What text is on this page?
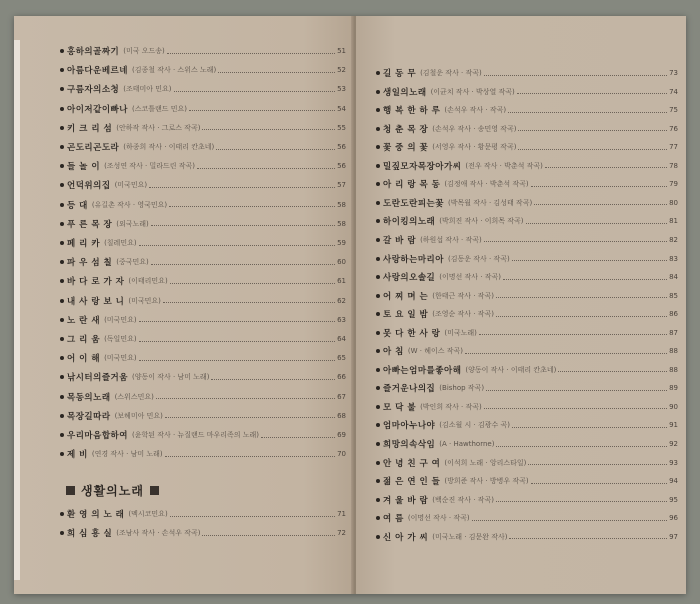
홍하의골짜기 (미국 오드송)	51
아름다운베르네 (김종철 작사 · 스위스 노래)	52
구름자의소청 (조태미아 민요)	53
아이저같이빠나 (스코틀랜드 민요)	54
키 크 리 섬 (안하작 작사 · 그로스 작곡)	55
곤도리곤도라 (하종희 작사 · 이태리 칸초네)	56
들 놀 이 (조성연 작사 · 밀라드린 작곡)	56
언덕위의집 (미국민요)	57
등 대 (유길촌 작사 · 영국민요)	58
푸 른 목 장 (외국노래)	58
페 리 카 (칠레민요)	59
파 우 섬 칠 (중국민요)	60
바 다 로 가 자 (이태리민요)	61
내 사 랑 보 니 (미국민요)	62
노 란 새 (미국민요)	63
그 리 움 (독일민요)	64
어 이 해 (미국민요)	65
낚시터의즐거움 (양동이 작사 · 남미 노래)	66
목동의노래 (스위스민요)	67
목장길따라 (보헤미아 민요)	68
우리마음합하여 (윤학된 작사 · 뉴질랜드 마우리족의 노래)	69
제 비 (연경 작사 · 남미 노래)	70
생활의노래
환 영 의 노 래 (멕시코민요)	71
희 심 흥 실 (조남사 작사 · 손석우 작곡)	72
길 동 무 (김철운 작사 · 작곡)	73
생일의노래 (이균치 작사 · 박상열 작곡)	74
행 복 한 하 루 (손석우 작사 · 작곡)	75
청 춘 목 장 (손석우 작사 · 송민영 작곡)	76
꽃 중 의 꽃 (서영우 작사 · 황문평 작곡)	77
밀짚모자목장아가씨 (전우 작사 · 박춘석 작곡)	78
아 리 랑 목 동 (김정애 작사 · 박춘석 작곡)	79
도란도란피는꽃 (박목월 작사 · 김성태 작곡)	80
하이킹의노래 (박희진 작사 · 이희목 작곡)	81
갈 바 람 (하원섭 작사 · 작곡)	82
사랑하는마리아 (김동운 작사 · 작곡)	83
사랑의오솔길 (이명선 작사 · 작곡)	84
어 찌 며 는 (한태근 작사 · 작곡)	85
토 요 일 밤 (조영순 작사 · 작곡)	86
못 다 한 사 랑 (미국노래)	87
아 침 (W · 헤이스 작곡)	88
아빠는엄마를좋아해 (양동이 작사 · 이태리 칸초네)	88
즐거운나의집 (Bishop 작곡)	89
모 닥 불 (박인희 작사 · 작곡)	90
엄마아누나야 (김소월 시 · 김광수 곡)	91
희망의속삭임 (A · Hawthorne)	92
안 녕 친 구 여 (이석희 노래 · 앙리스타일)	93
젊 은 연 인 들 (방희준 작사 · 방병우 작곡)	94
겨 울 바 람 (백순진 작사 · 작곡)	95
여 름 (이명선 작사 · 작곡)	96
신 아 가 씨 (미국노래 · 김문완 작사)	97
